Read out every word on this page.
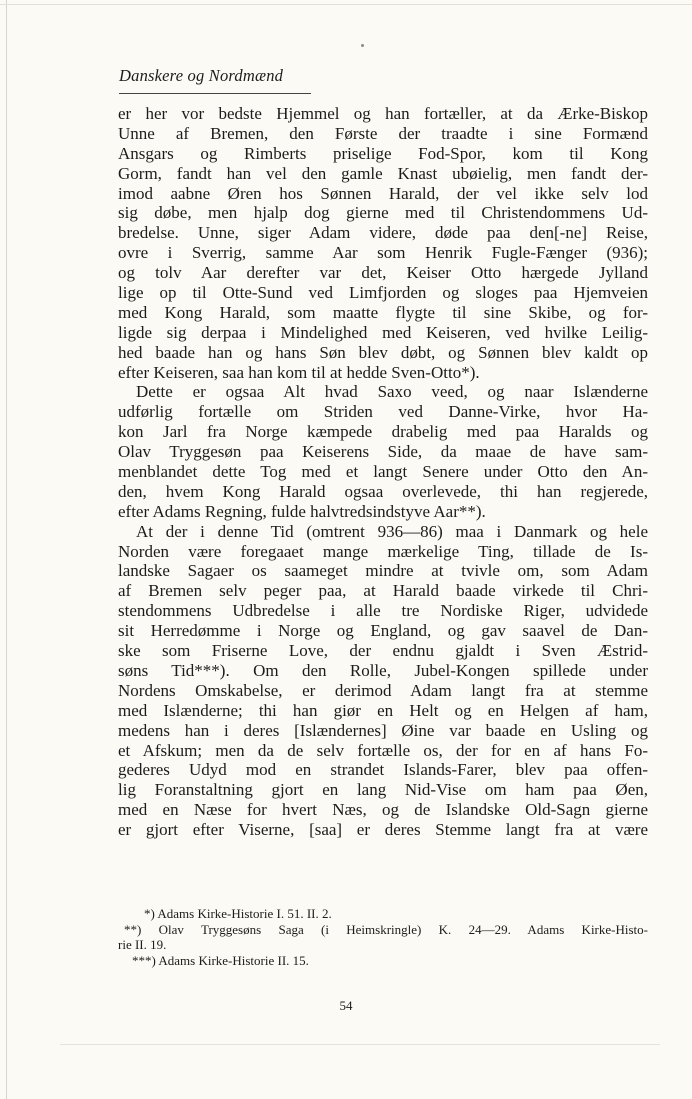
Danskere og Nordmænd
er her vor bedste Hjemmel og han fortæller, at da Ærke-Biskop
Unne af Bremen, den Første der traadte i sine Formænd
Ansgars og Rimberts priselige Fod-Spor, kom til Kong
Gorm, fandt han vel den gamle Knast ubøielig, men fandt der-
imod aabne Øren hos Sønnen Harald, der vel ikke selv lod
sig døbe, men hjalp dog gierne med til Christendommens Ud-
bredelse. Unne, siger Adam videre, døde paa den[-ne] Reise,
ovre i Sverrig, samme Aar som Henrik Fugle-Fænger (936);
og tolv Aar derefter var det, Keiser Otto hærgede Jylland
lige op til Otte-Sund ved Limfjorden og sloges paa Hjemveien
med Kong Harald, som maatte flygte til sine Skibe, og for-
ligde sig derpaa i Mindelighed med Keiseren, ved hvilke Leilig-
hed baade han og hans Søn blev døbt, og Sønnen blev kaldt op
efter Keiseren, saa han kom til at hedde Sven-Otto*).
Dette er ogsaa Alt hvad Saxo veed, og naar Islænderne
udførlig fortælle om Striden ved Danne-Virke, hvor Ha-
kon Jarl fra Norge kæmpede drabelig med paa Haralds og
Olav Tryggesøn paa Keiserens Side, da maae de have sam-
menblandet dette Tog med et langt Senere under Otto den An-
den, hvem Kong Harald ogsaa overlevede, thi han regjerede,
efter Adams Regning, fulde halvtredsindstyve Aar**).
At der i denne Tid (omtrent 936—86) maa i Danmark og hele
Norden være foregaaet mange mærkelige Ting, tillade de Is-
landske Sagaer os saameget mindre at tvivle om, som Adam
af Bremen selv peger paa, at Harald baade virkede til Chri-
stendommens Udbredelse i alle tre Nordiske Riger, udvidede
sit Herredømme i Norge og England, og gav saavel de Dan-
ske som Friserne Love, der endnu gjaldt i Sven Æstrid-
søns Tid***). Om den Rolle, Jubel-Kongen spillede under
Nordens Omskabelse, er derimod Adam langt fra at stemme
med Islænderne; thi han giør en Helt og en Helgen af ham,
medens han i deres [Islændernes] Øine var baade en Usling og
et Afskum; men da de selv fortælle os, der for en af hans Fo-
gederes Udyd mod en strandet Islands-Farer, blev paa offen-
lig Foranstaltning gjort en lang Nid-Vise om ham paa Øen,
med en Næse for hvert Næs, og de Islandske Old-Sagn gierne
er gjort efter Viserne, [saa] er deres Stemme langt fra at være
*) Adams Kirke-Historie I. 51. II. 2.
**) Olav Tryggesøns Saga (i Heimskringle) K. 24—29. Adams Kirke-Histo-
rie II. 19.
***) Adams Kirke-Historie II. 15.
54
